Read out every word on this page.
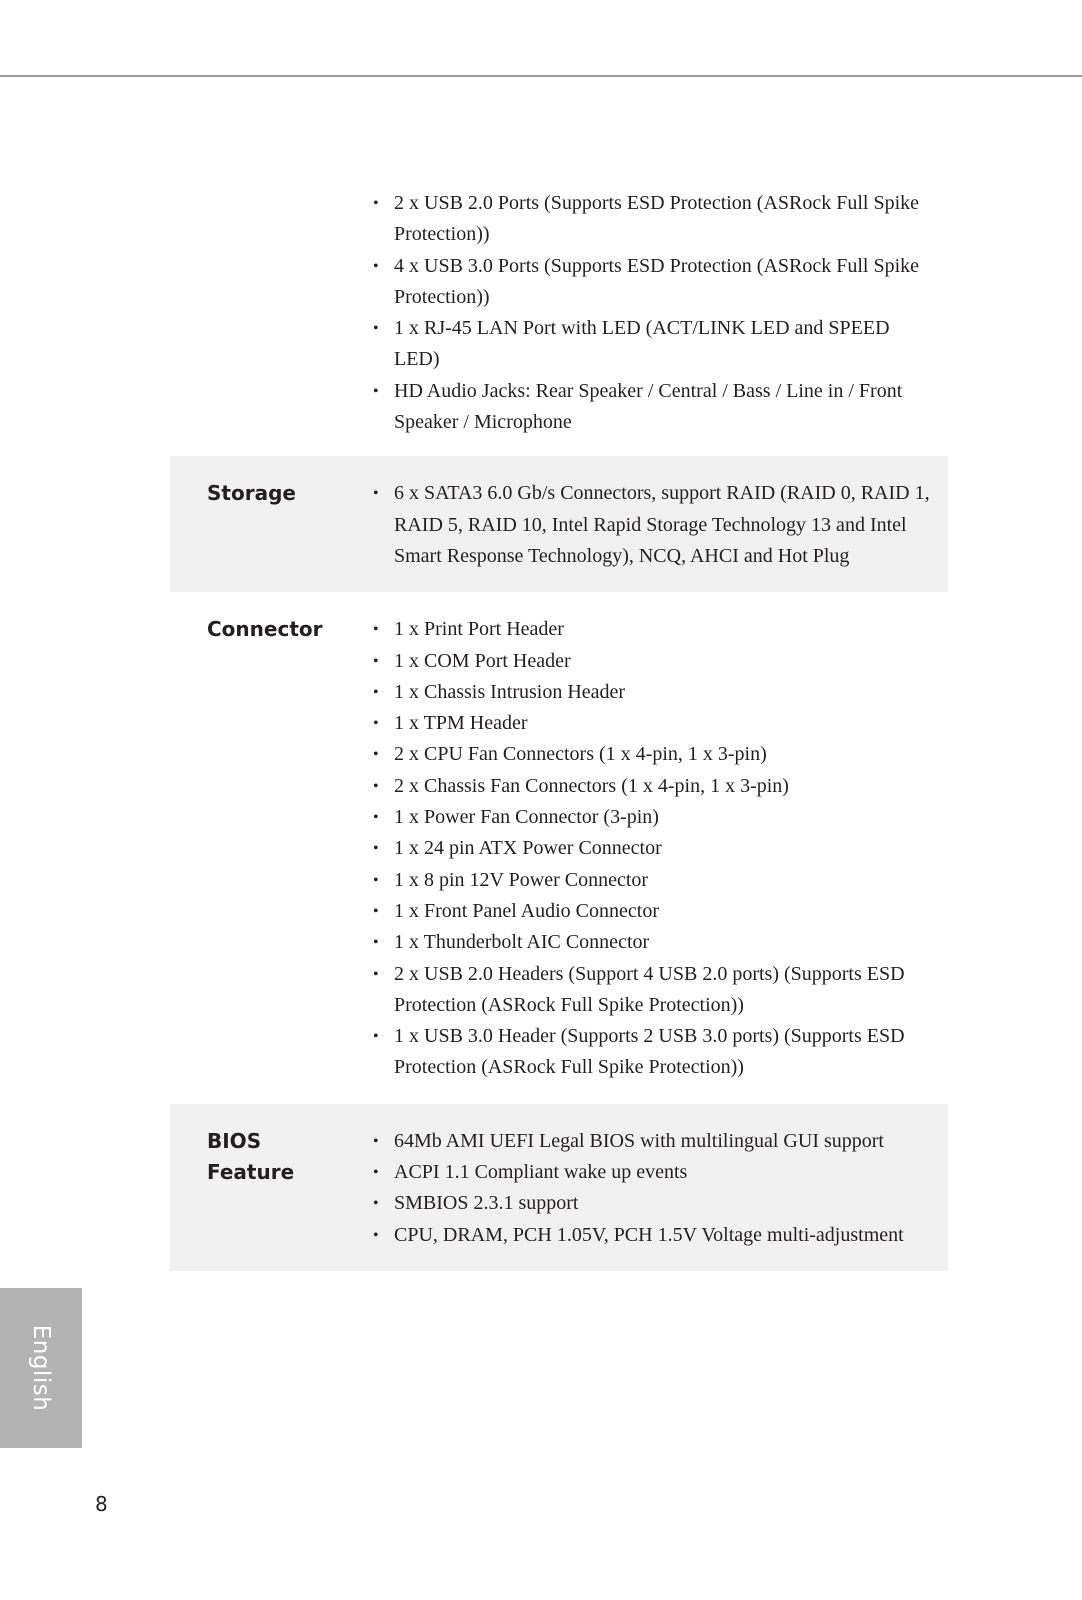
• 2 x USB 2.0 Ports (Supports ESD Protection (ASRock Full Spike Protection))
• 4 x USB 3.0 Ports (Supports ESD Protection (ASRock Full Spike Protection))
• 1 x RJ-45 LAN Port with LED (ACT/LINK LED and SPEED LED)
• HD Audio Jacks: Rear Speaker / Central / Bass / Line in / Front Speaker / Microphone
Storage	• 6 x SATA3 6.0 Gb/s Connectors, support RAID (RAID 0, RAID 1, RAID 5, RAID 10, Intel Rapid Storage Technology 13 and Intel Smart Response Technology), NCQ, AHCI and Hot Plug
Connector	• 1 x Print Port Header
• 1 x COM Port Header
• 1 x Chassis Intrusion Header
• 1 x TPM Header
• 2 x CPU Fan Connectors (1 x 4-pin, 1 x 3-pin)
• 2 x Chassis Fan Connectors (1 x 4-pin, 1 x 3-pin)
• 1 x Power Fan Connector (3-pin)
• 1 x 24 pin ATX Power Connector
• 1 x 8 pin 12V Power Connector
• 1 x Front Panel Audio Connector
• 1 x Thunderbolt AIC Connector
• 2 x USB 2.0 Headers (Support 4 USB 2.0 ports) (Supports ESD Protection (ASRock Full Spike Protection))
• 1 x USB 3.0 Header (Supports 2 USB 3.0 ports) (Supports ESD Protection (ASRock Full Spike Protection))
BIOS Feature
• 64Mb AMI UEFI Legal BIOS with multilingual GUI support
• ACPI 1.1 Compliant wake up events
• SMBIOS 2.3.1 support
• CPU, DRAM, PCH 1.05V, PCH 1.5V Voltage multi-adjustment
English
8
